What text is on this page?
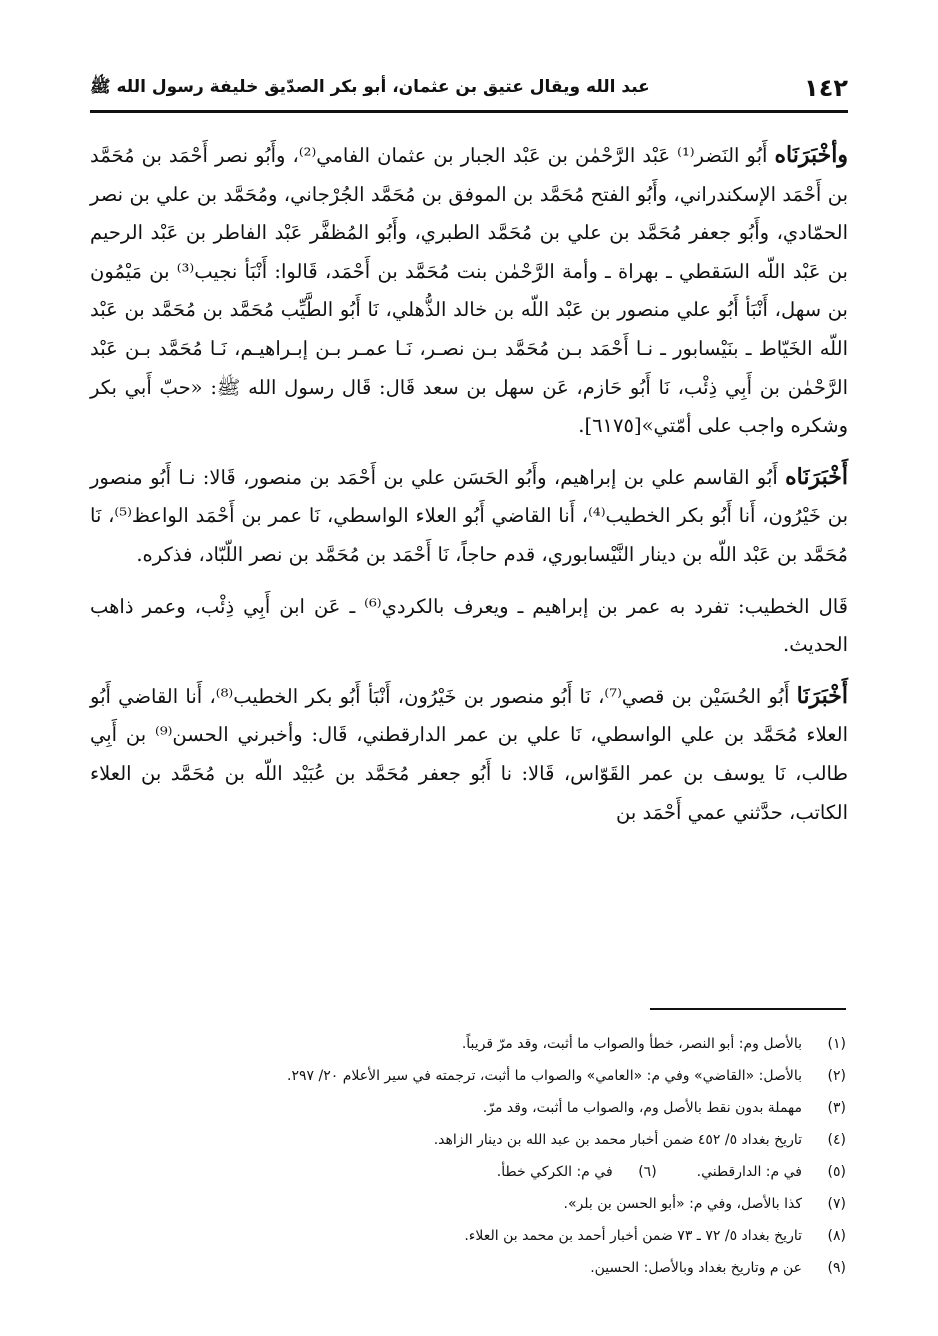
١٤٢
عبد الله ويقال عتيق بن عثمان، أبو بكر الصدّيق خليفة رسول الله ﷺ

وأخْبَرَنَاه أَبُو النَضر⁽¹⁾ عَبْد الرَّحْمٰن بن عَبْد الجبار بن عثمان الفامي⁽²⁾، وأَبُو نصر أَحْمَد بن مُحَمَّد بن أَحْمَد الإسكندراني، وأَبُو الفتح مُحَمَّد بن الموفق بن مُحَمَّد الجُرْجاني، ومُحَمَّد بن علي بن نصر الحمّادي، وأَبُو جعفر مُحَمَّد بن علي بن مُحَمَّد الطبري، وأَبُو المُظفَّر عَبْد الفاطر بن عَبْد الرحيم بن عَبْد اللّه السَقطي ـ بهراة ـ وأمة الرَّحْمٰن بنت مُحَمَّد بن أَحْمَد، قَالوا: أَنْبَأ نجيب⁽³⁾ بن مَيْمُون بن سهل، أَنْبَأ أَبُو علي منصور بن عَبْد اللّه بن خالد الذُّهلي، نَا أَبُو الطَّيِّب مُحَمَّد بن مُحَمَّد بن عَبْد اللّه الخَيّاط ـ بنَيْسابور ـ نـا أَحْمَد بـن مُحَمَّد بـن نصـر، نَـا عمـر بـن إبـراهيـم، نَـا مُحَمَّد بـن عَبْد الرَّحْمٰن بن أَبِي ذِئْب، نَا أَبُو حَازم، عَن سهل بن سعد قَال: قَال رسول الله ﷺ: «حبّ أَبي بكر وشكره واجب على أمّتي»[٦١٧٥].

أَخْبَرَنَاه أَبُو القاسم علي بن إبراهيم، وأَبُو الحَسَن علي بن أَحْمَد بن منصور، قَالا: نـا أَبُو منصور بن خَيْرُون، أَنا أَبُو بكر الخطيب⁽⁴⁾، أَنا القاضي أَبُو العلاء الواسطي، نَا عمر بن أَحْمَد الواعظ⁽⁵⁾، نَا مُحَمَّد بن عَبْد اللّه بن دينار النَّيْسابوري، قدم حاجاً، نَا أَحْمَد بن مُحَمَّد بن نصر اللّبّاد، فذكره.

قَال الخطيب: تفرد به عمر بن إبراهيم ـ ويعرف بالكردي⁽⁶⁾ ـ عَن ابن أَبِي ذِئْب، وعمر ذاهب الحديث.

أَخْبَرَنَا أَبُو الحُسَيْن بن قصي⁽⁷⁾، نَا أَبُو منصور بن خَيْرُون، أَنْبَأ أَبُو بكر الخطيب⁽⁸⁾، أَنا القاضي أَبُو العلاء مُحَمَّد بن علي الواسطي، نَا علي بن عمر الدارقطني، قَال: وأخبرني الحسن⁽⁹⁾ بن أَبِي طالب، نَا يوسف بن عمر القَوّاس، قَالا: نا أَبُو جعفر مُحَمَّد بن عُبَيْد اللّه بن مُحَمَّد بن العلاء الكاتب، حدَّثني عمي أَحْمَد بن

(١)
بالأصل وم: أبو النصر، خطأ والصواب ما أثبت، وقد مرّ قريباً.
(٢)
بالأصل: «القاضي» وفي م: «العامي» والصواب ما أثبت، ترجمته في سير الأعلام ٢٠/ ٢٩٧.
(٣)
مهملة بدون نقط بالأصل وم، والصواب ما أثبت، وقد مرّ.
(٤)
تاريخ بغداد ٥/ ٤٥٢ ضمن أخبار محمد بن عبد الله بن دينار الزاهد.
(٥)
في م: الدارقطني.
(٦)
في م: الكركي خطأ.
(٧)
كذا بالأصل، وفي م: «أبو الحسن بن بلر».
(٨)
تاريخ بغداد ٥/ ٧٢ ـ ٧٣ ضمن أخبار أحمد بن محمد بن العلاء.
(٩)
عن م وتاريخ بغداد وبالأصل: الحسين.
